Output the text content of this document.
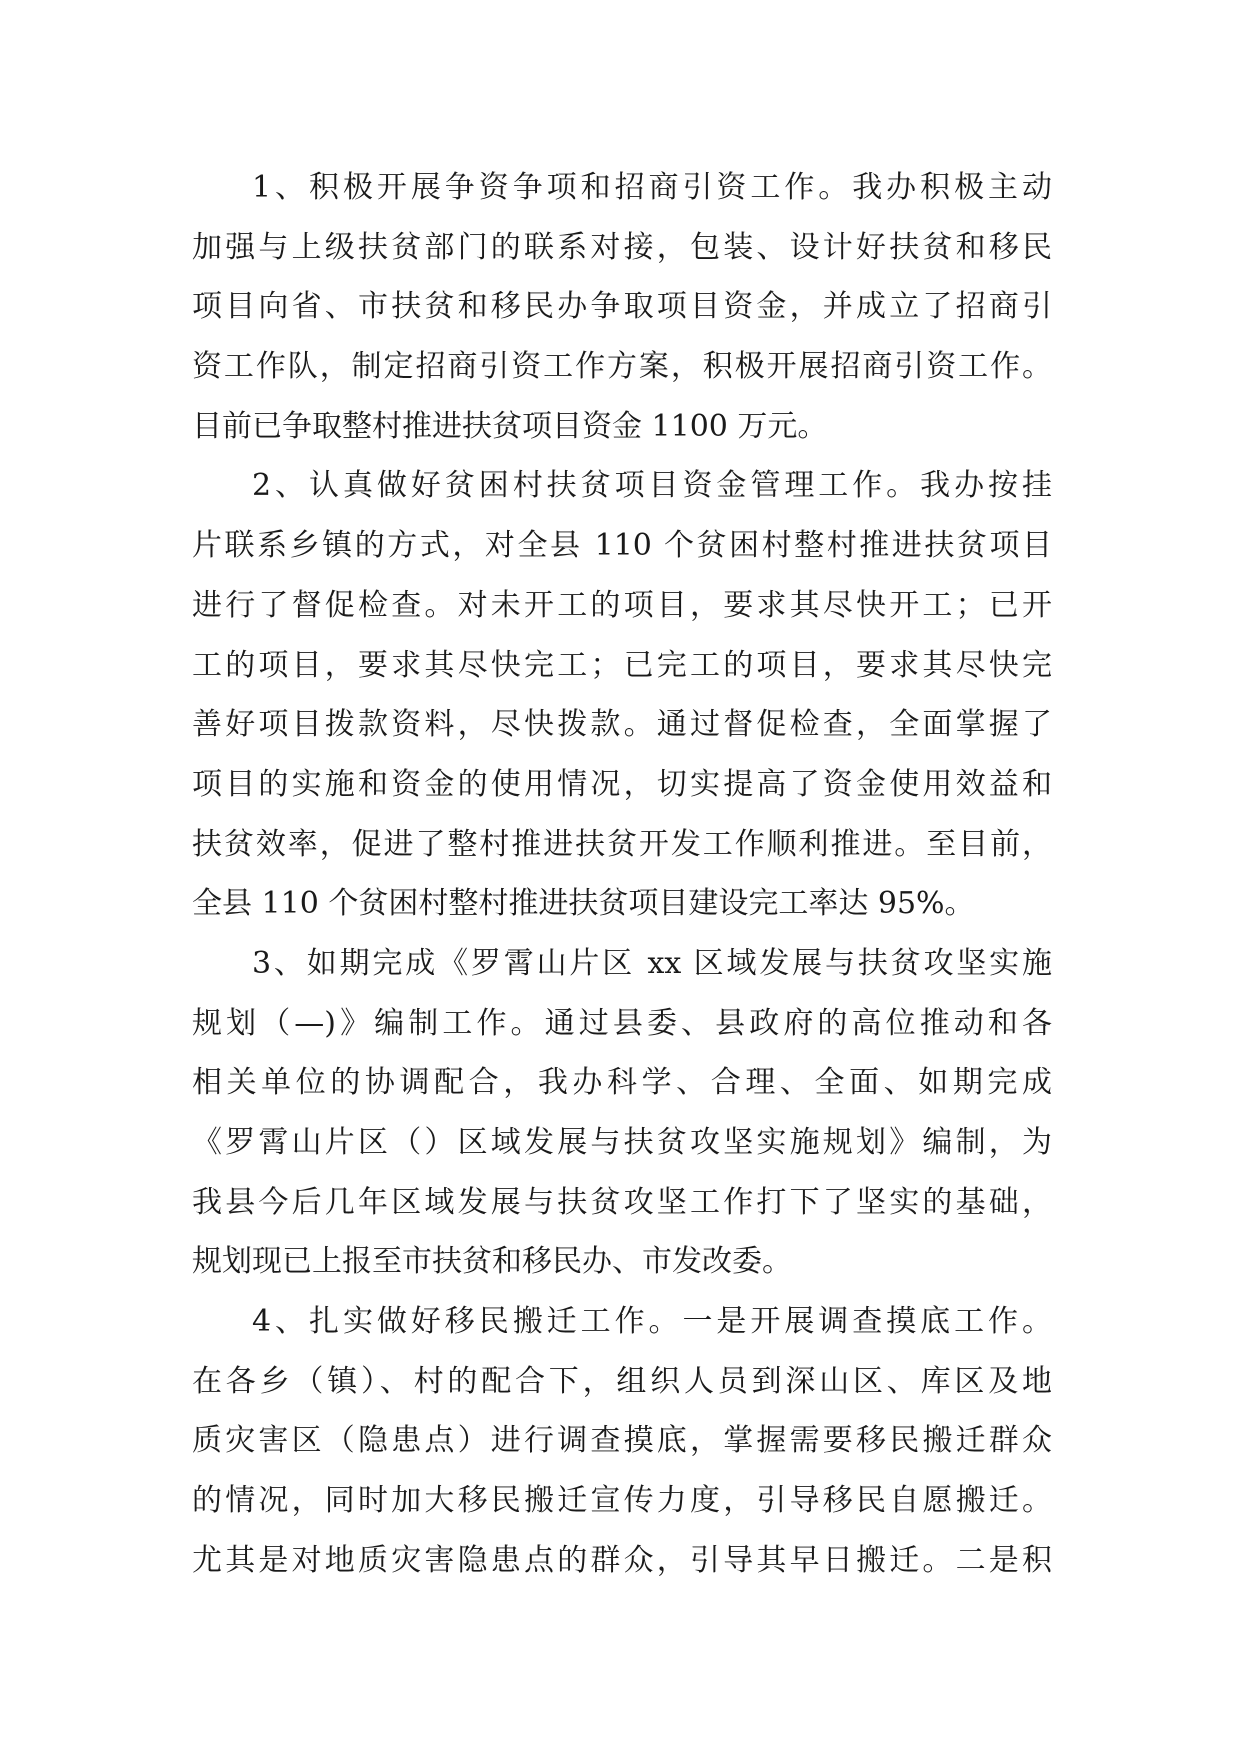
1、积极开展争资争项和招商引资工作。我办积极主动
加强与上级扶贫部门的联系对接，包装、设计好扶贫和移民
项目向省、市扶贫和移民办争取项目资金，并成立了招商引
资工作队，制定招商引资工作方案，积极开展招商引资工作。
目前已争取整村推进扶贫项目资金 1100 万元。
2、认真做好贫困村扶贫项目资金管理工作。我办按挂
片联系乡镇的方式，对全县 110 个贫困村整村推进扶贫项目
进行了督促检查。对未开工的项目，要求其尽快开工；已开
工的项目，要求其尽快完工；已完工的项目，要求其尽快完
善好项目拨款资料，尽快拨款。通过督促检查，全面掌握了
项目的实施和资金的使用情况，切实提高了资金使用效益和
扶贫效率，促进了整村推进扶贫开发工作顺利推进。至目前，
全县 110 个贫困村整村推进扶贫项目建设完工率达 95%。
3、如期完成《罗霄山片区 xx 区域发展与扶贫攻坚实施
规划（—)》编制工作。通过县委、县政府的高位推动和各
相关单位的协调配合，我办科学、合理、全面、如期完成
《罗霄山片区（）区域发展与扶贫攻坚实施规划》编制，为
我县今后几年区域发展与扶贫攻坚工作打下了坚实的基础，
规划现已上报至市扶贫和移民办、市发改委。
4、扎实做好移民搬迁工作。一是开展调查摸底工作。
在各乡（镇）、村的配合下，组织人员到深山区、库区及地
质灾害区（隐患点）进行调查摸底，掌握需要移民搬迁群众
的情况，同时加大移民搬迁宣传力度，引导移民自愿搬迁。
尤其是对地质灾害隐患点的群众，引导其早日搬迁。二是积
